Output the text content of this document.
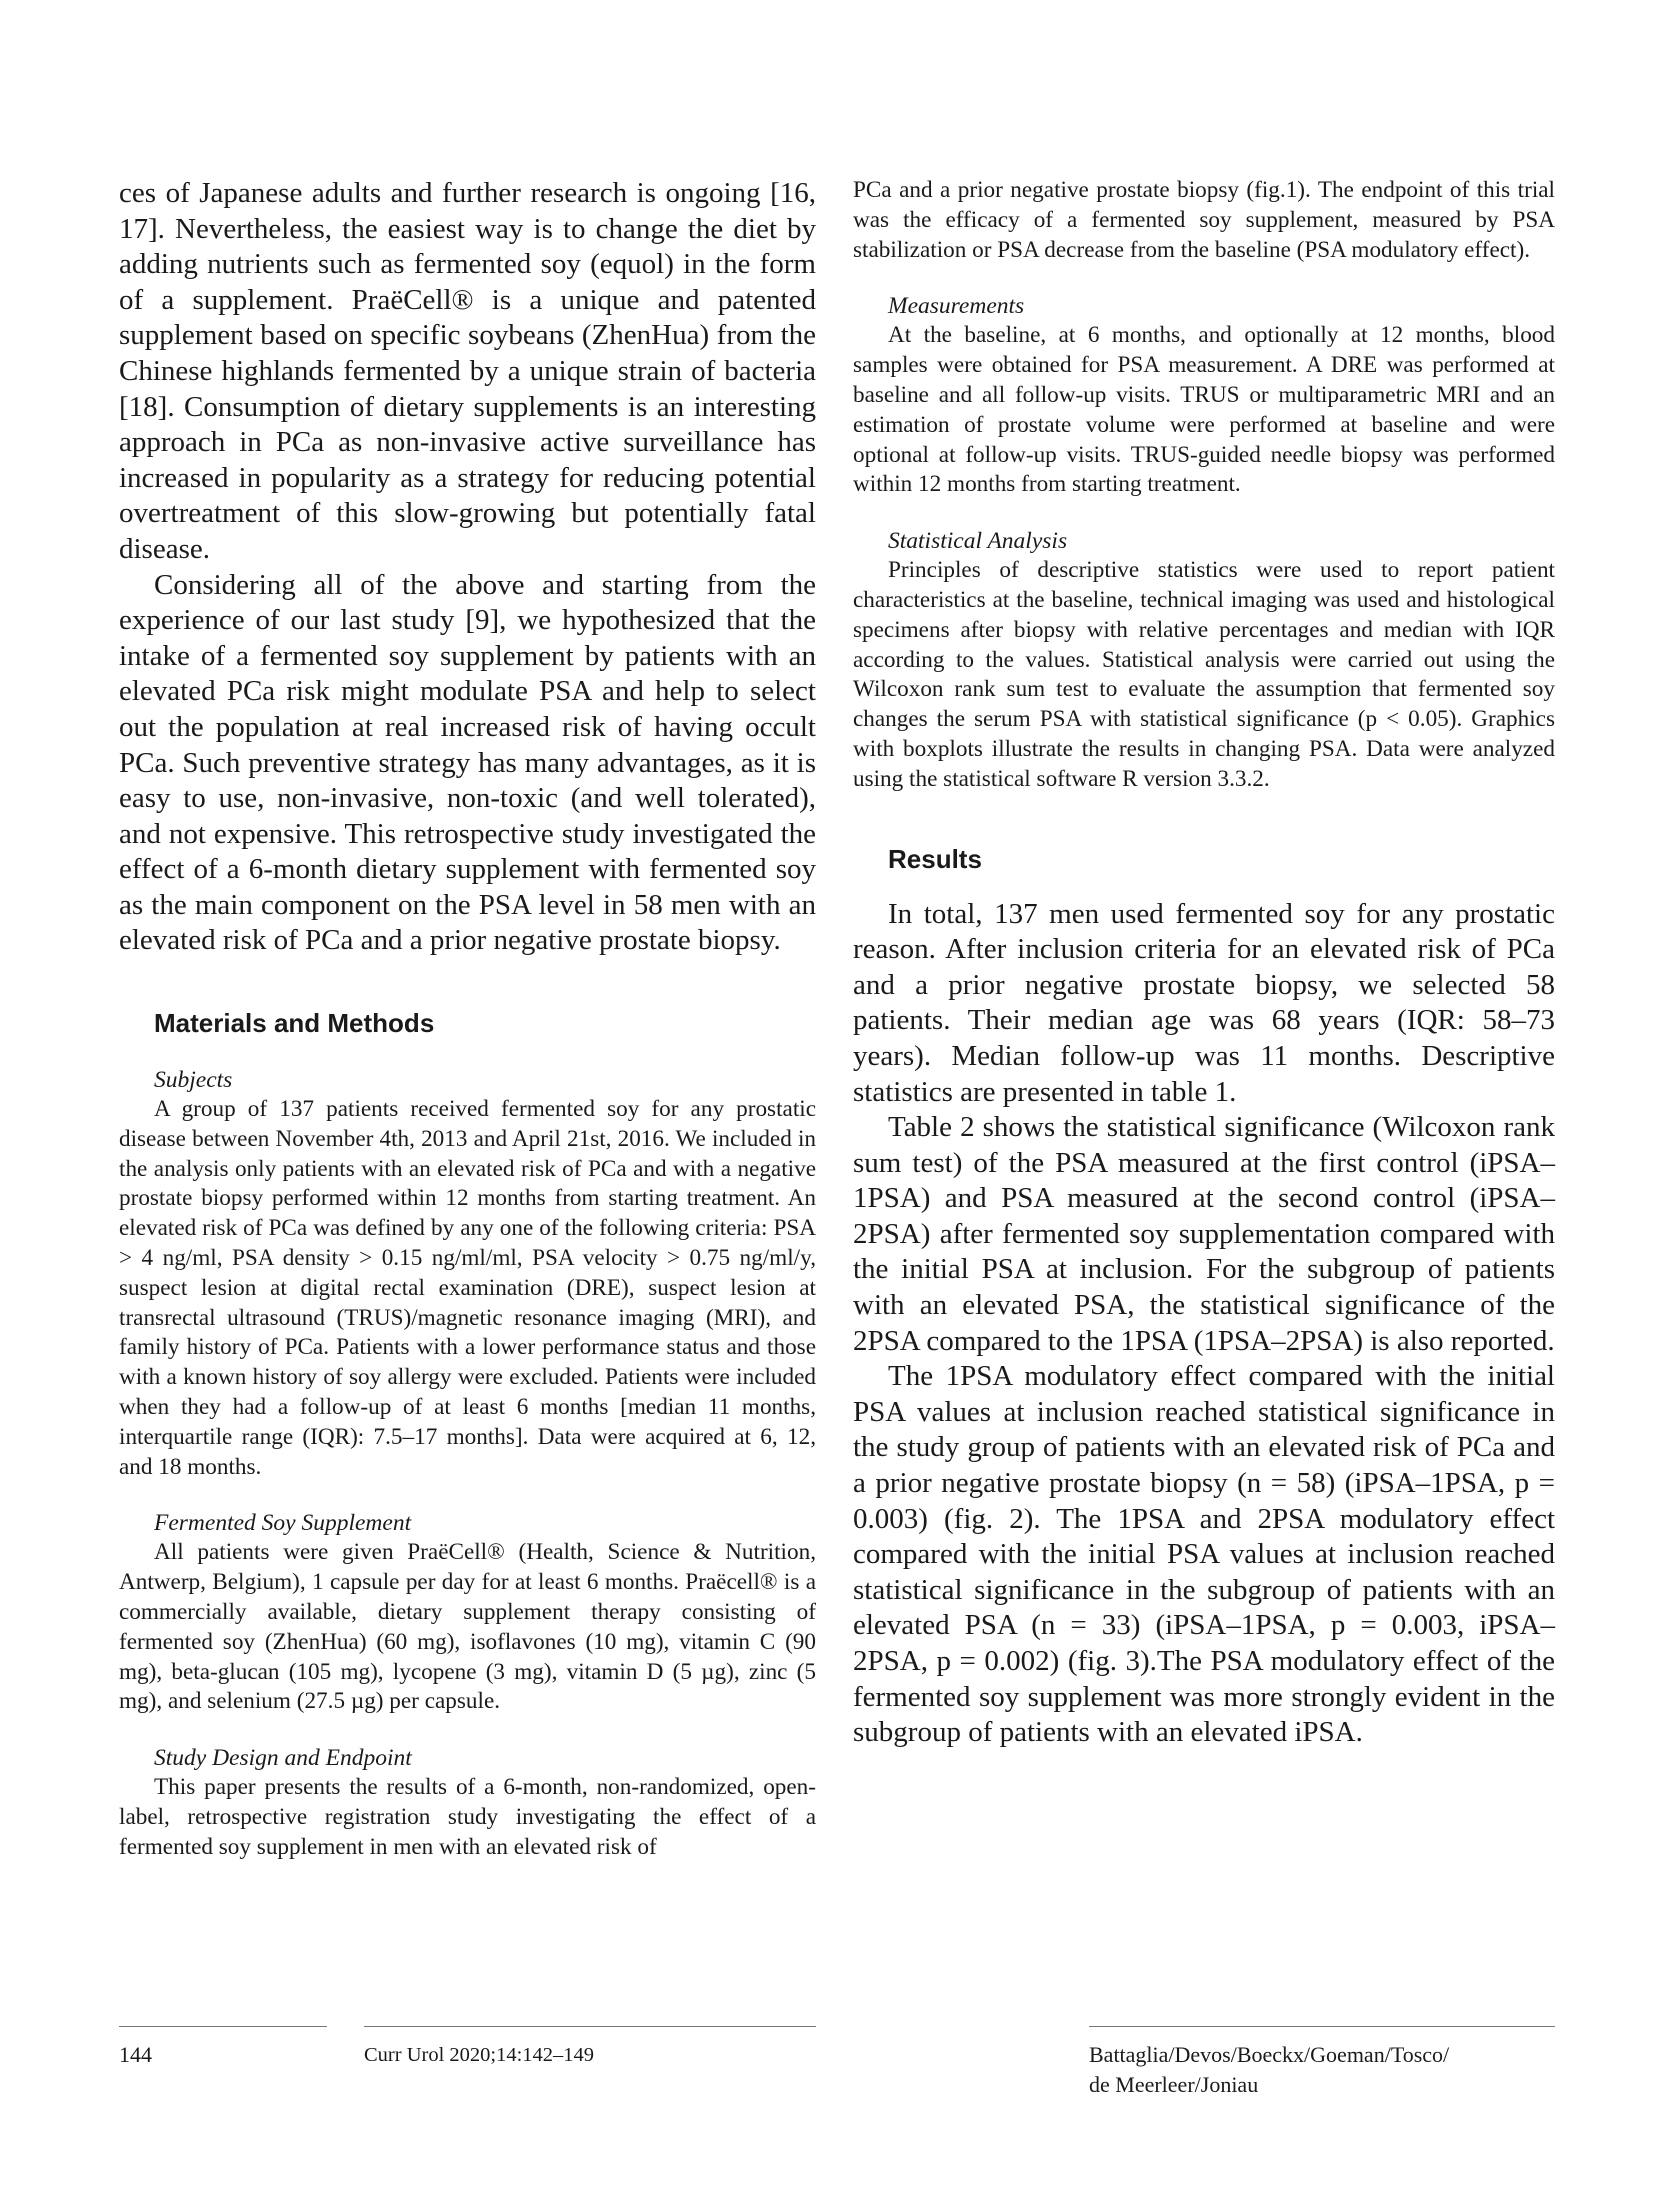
ces of Japanese adults and further research is ongoing [16, 17]. Nevertheless, the easiest way is to change the diet by adding nutrients such as fermented soy (equol) in the form of a supplement. PraëCell® is a unique and patented supplement based on specific soybeans (ZhenHua) from the Chinese highlands fermented by a unique strain of bacteria [18]. Consumption of dietary supplements is an interesting approach in PCa as non-invasive active surveillance has increased in popularity as a strategy for reducing potential overtreatment of this slow-growing but potentially fatal disease.

Considering all of the above and starting from the experience of our last study [9], we hypothesized that the intake of a fermented soy supplement by patients with an elevated PCa risk might modulate PSA and help to select out the population at real increased risk of having occult PCa. Such preventive strategy has many advantages, as it is easy to use, non-invasive, non-toxic (and well tolerated), and not expensive. This retrospective study investigated the effect of a 6-month dietary supplement with fermented soy as the main component on the PSA level in 58 men with an elevated risk of PCa and a prior negative prostate biopsy.

Materials and Methods
Subjects

A group of 137 patients received fermented soy for any prostatic disease between November 4th, 2013 and April 21st, 2016. We included in the analysis only patients with an elevated risk of PCa and with a negative prostate biopsy performed within 12 months from starting treatment. An elevated risk of PCa was defined by any one of the following criteria: PSA > 4 ng/ml, PSA density > 0.15 ng/ml/ml, PSA velocity > 0.75 ng/ml/y, suspect lesion at digital rectal examination (DRE), suspect lesion at transrectal ultrasound (TRUS)/magnetic resonance imaging (MRI), and family history of PCa. Patients with a lower performance status and those with a known history of soy allergy were excluded. Patients were included when they had a follow-up of at least 6 months [median 11 months, interquartile range (IQR): 7.5–17 months]. Data were acquired at 6, 12, and 18 months.

Fermented Soy Supplement

All patients were given PraëCell® (Health, Science & Nutrition, Antwerp, Belgium), 1 capsule per day for at least 6 months. Praëcell® is a commercially available, dietary supplement therapy consisting of fermented soy (ZhenHua) (60 mg), isoflavones (10 mg), vitamin C (90 mg), beta-glucan (105 mg), lycopene (3 mg), vitamin D (5 µg), zinc (5 mg), and selenium (27.5 µg) per capsule.

Study Design and Endpoint

This paper presents the results of a 6-month, non-randomized, open-label, retrospective registration study investigating the effect of a fermented soy supplement in men with an elevated risk of

PCa and a prior negative prostate biopsy (fig.1). The endpoint of this trial was the efficacy of a fermented soy supplement, measured by PSA stabilization or PSA decrease from the baseline (PSA modulatory effect).

Measurements

At the baseline, at 6 months, and optionally at 12 months, blood samples were obtained for PSA measurement. A DRE was performed at baseline and all follow-up visits. TRUS or multiparametric MRI and an estimation of prostate volume were performed at baseline and were optional at follow-up visits. TRUS-guided needle biopsy was performed within 12 months from starting treatment.

Statistical Analysis

Principles of descriptive statistics were used to report patient characteristics at the baseline, technical imaging was used and histological specimens after biopsy with relative percentages and median with IQR according to the values. Statistical analysis were carried out using the Wilcoxon rank sum test to evaluate the assumption that fermented soy changes the serum PSA with statistical significance (p < 0.05). Graphics with boxplots illustrate the results in changing PSA. Data were analyzed using the statistical software R version 3.3.2.

Results

In total, 137 men used fermented soy for any prostatic reason. After inclusion criteria for an elevated risk of PCa and a prior negative prostate biopsy, we selected 58 patients. Their median age was 68 years (IQR: 58–73 years). Median follow-up was 11 months. Descriptive statistics are presented in table 1.

Table 2 shows the statistical significance (Wilcoxon rank sum test) of the PSA measured at the first control (iPSA–1PSA) and PSA measured at the second control (iPSA–2PSA) after fermented soy supplementation compared with the initial PSA at inclusion. For the subgroup of patients with an elevated PSA, the statistical significance of the 2PSA compared to the 1PSA (1PSA–2PSA) is also reported.

The 1PSA modulatory effect compared with the initial PSA values at inclusion reached statistical significance in the study group of patients with an elevated risk of PCa and a prior negative prostate biopsy (n = 58) (iPSA–1PSA, p = 0.003) (fig. 2). The 1PSA and 2PSA modulatory effect compared with the initial PSA values at inclusion reached statistical significance in the subgroup of patients with an elevated PSA (n = 33) (iPSA–1PSA, p = 0.003, iPSA–2PSA, p = 0.002) (fig. 3).The PSA modulatory effect of the fermented soy supplement was more strongly evident in the subgroup of patients with an elevated iPSA.

144	Curr Urol 2020;14:142–149	Battaglia/Devos/Boeckx/Goeman/Tosco/
de Meerleer/Joniau
